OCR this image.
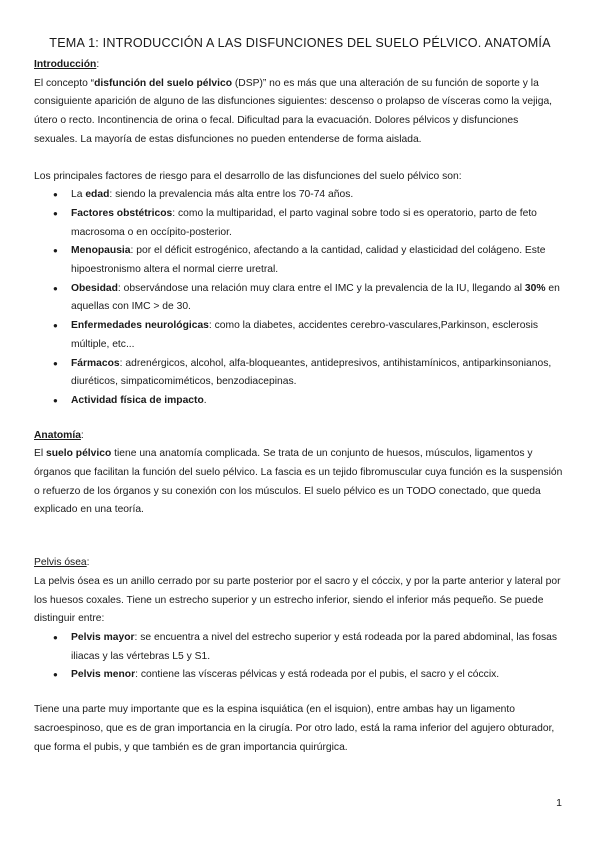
TEMA 1: INTRODUCCIÓN A LAS DISFUNCIONES DEL SUELO PÉLVICO. ANATOMÍA

Introducción:

El concepto “disfunción del suelo pélvico (DSP)” no es más que una alteración de su función de soporte y la consiguiente aparición de alguno de las disfunciones siguientes: descenso o prolapso de vísceras como la vejiga, útero o recto. Incontinencia de orina o fecal. Dificultad para la evacuación. Dolores pélvicos y disfunciones sexuales. La mayoría de estas disfunciones no pueden entenderse de forma aislada.

Los principales factores de riesgo para el desarrollo de las disfunciones del suelo pélvico son:

● La edad: siendo la prevalencia más alta entre los 70-74 años.
● Factores obstétricos: como la multiparidad, el parto vaginal sobre todo si es operatorio, parto de feto macrosoma o en occípito-posterior.
● Menopausia: por el déficit estrogénico, afectando a la cantidad, calidad y elasticidad del colágeno. Este hipoestronismo altera el normal cierre uretral.
● Obesidad: observándose una relación muy clara entre el IMC y la prevalencia de la IU, llegando al 30% en aquellas con IMC > de 30.
● Enfermedades neurológicas: como la diabetes, accidentes cerebro-vasculares,Parkinson, esclerosis múltiple, etc...
● Fármacos: adrenérgicos, alcohol, alfa-bloqueantes, antidepresivos, antihistamínicos, antiparkinsonianos, diuréticos, simpaticomiméticos, benzodiacepinas.
● Actividad física de impacto.

Anatomía:

El suelo pélvico tiene una anatomía complicada. Se trata de un conjunto de huesos, músculos, ligamentos y órganos que facilitan la función del suelo pélvico. La fascia es un tejido fibromuscular cuya función es la suspensión o refuerzo de los órganos y su conexión con los músculos. El suelo pélvico es un TODO conectado, que queda explicado en una teoría.

Pelvis ósea:

La pelvis ósea es un anillo cerrado por su parte posterior por el sacro y el cóccix, y por la parte anterior y lateral por los huesos coxales. Tiene un estrecho superior y un estrecho inferior, siendo el inferior más pequeño. Se puede distinguir entre:

● Pelvis mayor: se encuentra a nivel del estrecho superior y está rodeada por la pared abdominal, las fosas iliacas y las vértebras L5 y S1.
● Pelvis menor: contiene las vísceras pélvicas y está rodeada por el pubis, el sacro y el cóccix.

Tiene una parte muy importante que es la espina isquiática (en el isquion), entre ambas hay un ligamento sacroespinoso, que es de gran importancia en la cirugía. Por otro lado, está la rama inferior del agujero obturador, que forma el pubis, y que también es de gran importancia quirúrgica.

1
